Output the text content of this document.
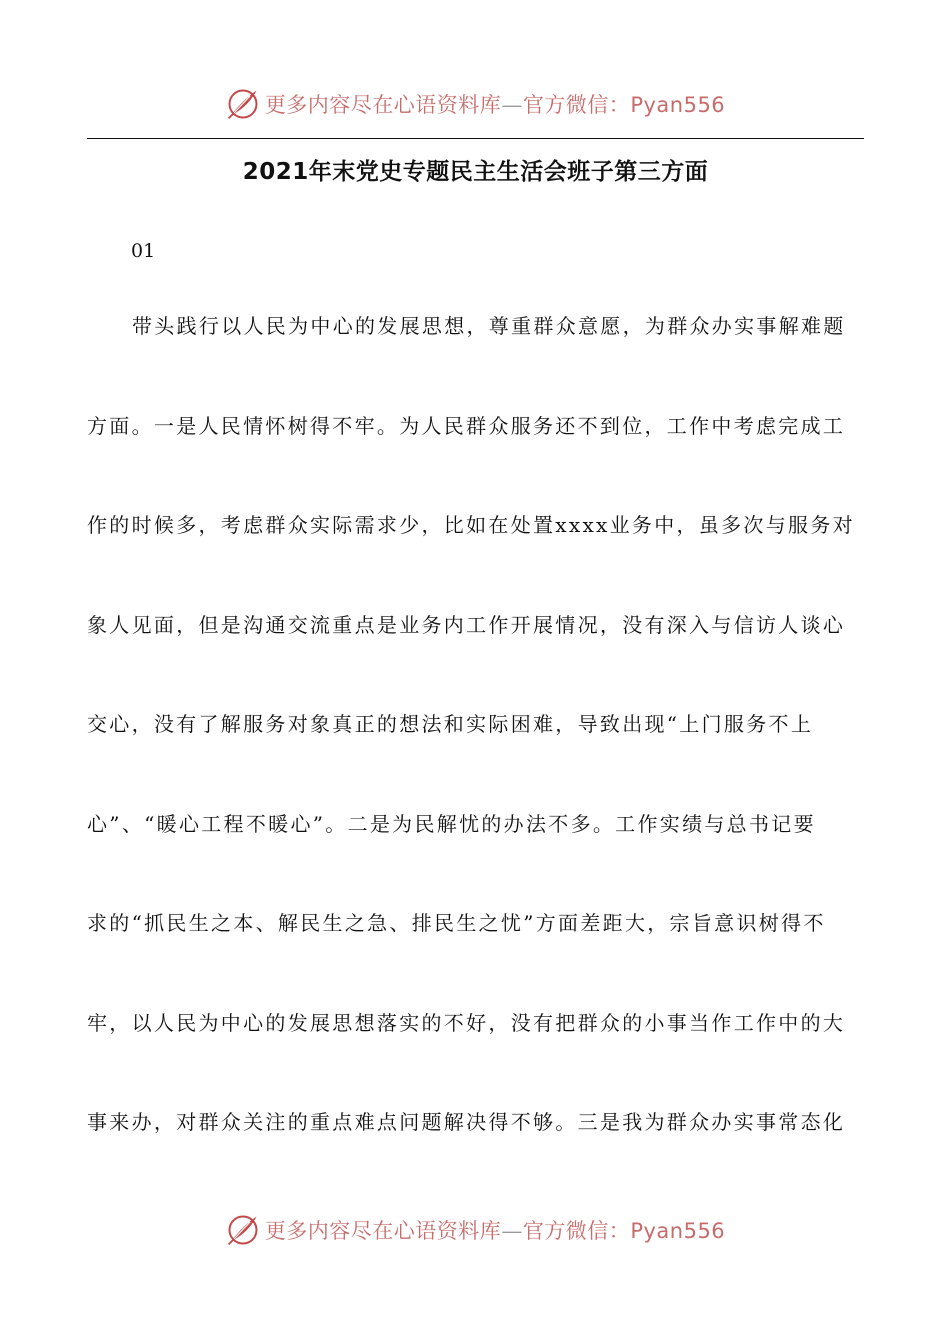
更多内容尽在心语资料库—官方微信：Pyan556
2021年末党史专题民主生活会班子第三方面
01
带头践行以人民为中心的发展思想，尊重群众意愿，为群众办实事解难题
方面。一是人民情怀树得不牢。为人民群众服务还不到位，工作中考虑完成工
作的时候多，考虑群众实际需求少，比如在处置xxxx业务中，虽多次与服务对
象人见面，但是沟通交流重点是业务内工作开展情况，没有深入与信访人谈心
交心，没有了解服务对象真正的想法和实际困难，导致出现“上门服务不上
心”、“暖心工程不暖心”。二是为民解忧的办法不多。工作实绩与总书记要
求的“抓民生之本、解民生之急、排民生之忧”方面差距大，宗旨意识树得不
牢，以人民为中心的发展思想落实的不好，没有把群众的小事当作工作中的大
事来办，对群众关注的重点难点问题解决得不够。三是我为群众办实事常态化
更多内容尽在心语资料库—官方微信：Pyan556
